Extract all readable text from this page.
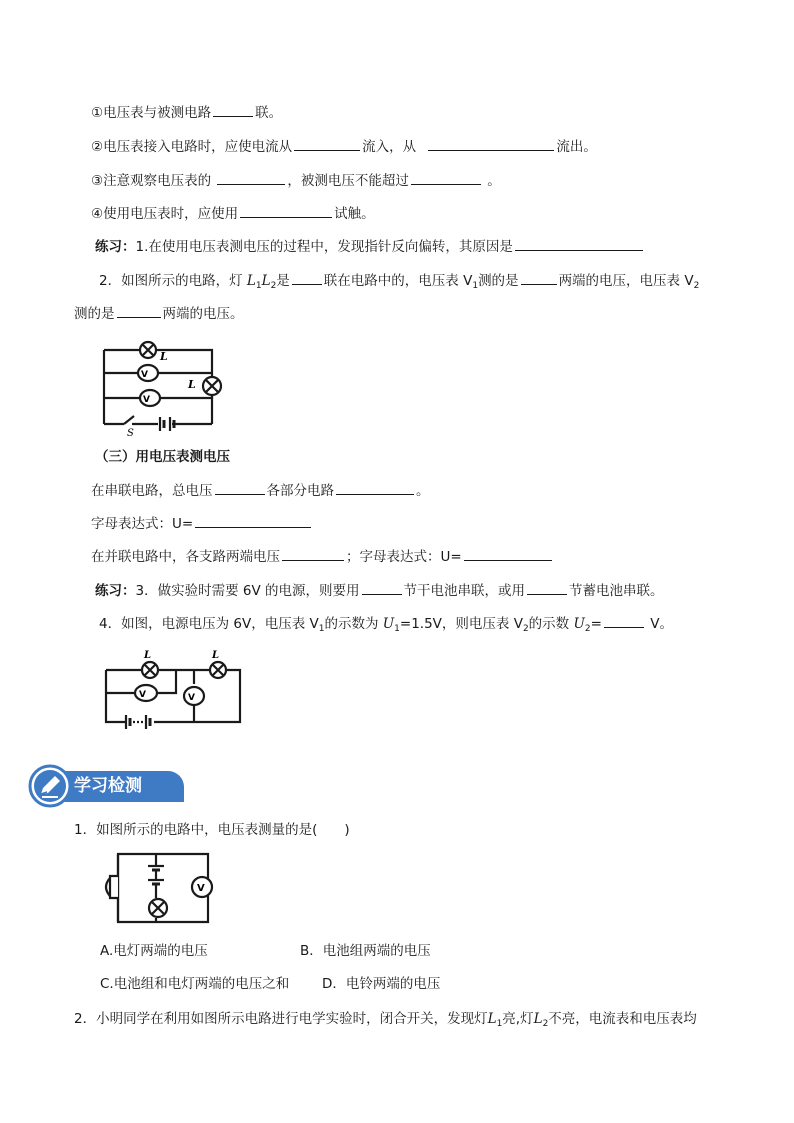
①电压表与被测电路	联。
②电压表接入电路时，应使电流从	流入，从	流出。
③注意观察电压表的	，被测电压不能超过	。
④使用电压表时，应使用	试触。
练习：1.在使用电压表测电压的过程中，发现指针反向偏转，其原因是
2．如图所示的电路，灯 $L_1L_2$是	联在电路中的，电压表 $V_1$测的是	两端的电压，电压表 $V_2$
测的是	两端的电压。
V
V
L
L
S
（三）用电压表测电压
在串联电路，总电压	各部分电路	。
字母表达式：U=
在并联电路中，各支路两端电压	；字母表达式：U=
练习：3．做实验时需要 6V 的电源，则要用	节干电池串联，或用	节蓄电池串联。
4．如图，电源电压为 6V，电压表 $V_1$的示数为 $U_1=1.5V$，则电压表 $V_2$的示数 $U_2=$	V。
V	V
L	L
学习检测
1．如图所示的电路中，电压表测量的是(　　)
V
A.电灯两端的电压	B．电池组两端的电压
C.电池组和电灯两端的电压之和 D．电铃两端的电压
2．小明同学在利用如图所示电路进行电学实验时，闭合开关，发现灯$L_1$亮,灯$L_2$不亮，电流表和电压表均
